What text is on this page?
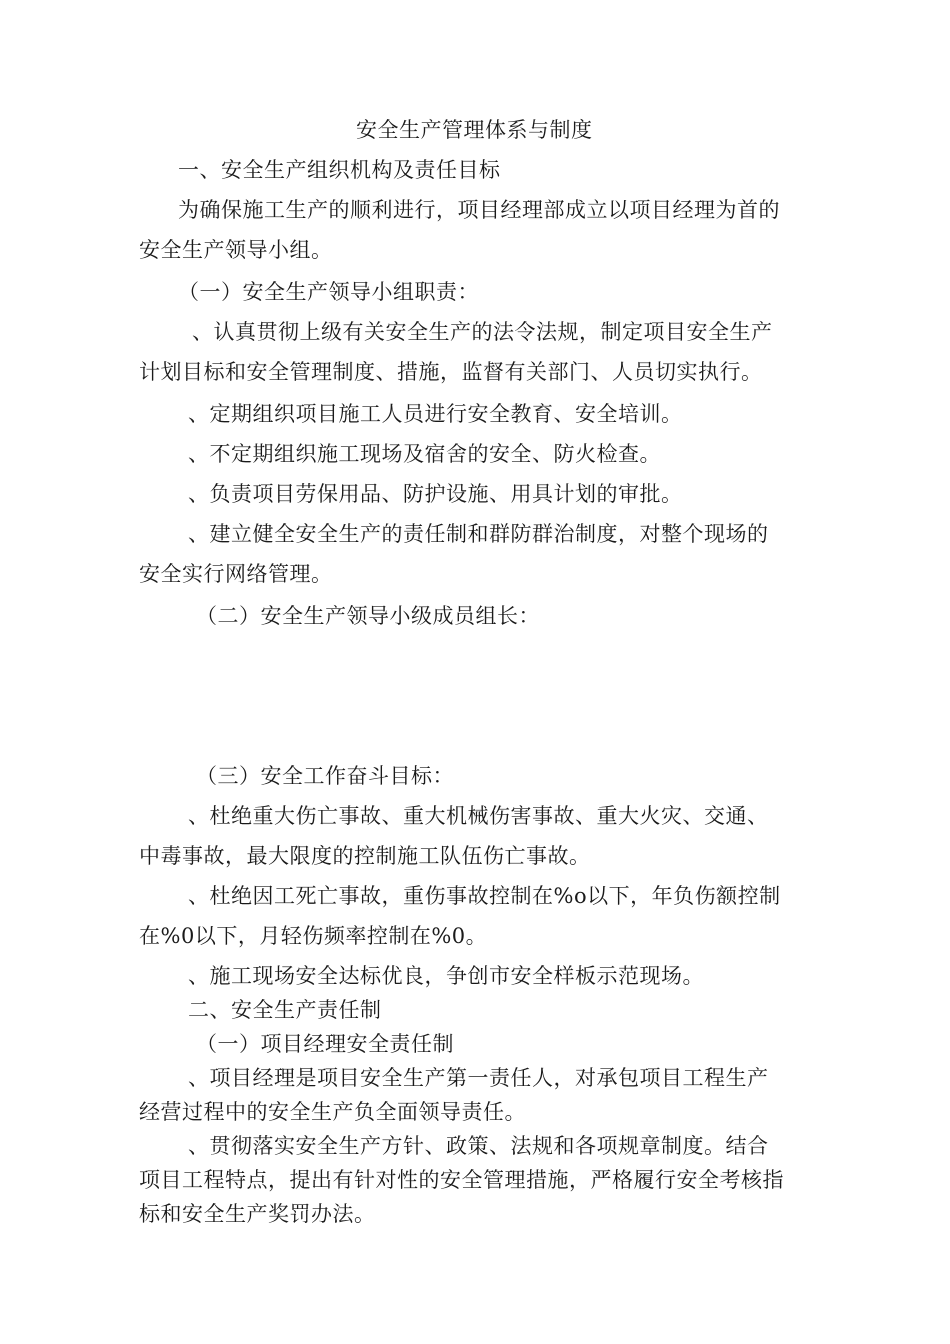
安全生产管理体系与制度
一、安全生产组织机构及责任目标
为确保施工生产的顺利进行，项目经理部成立以项目经理为首的
安全生产领导小组。
（一）安全生产领导小组职责：
、认真贯彻上级有关安全生产的法令法规，制定项目安全生产
计划目标和安全管理制度、措施，监督有关部门、人员切实执行。
、定期组织项目施工人员进行安全教育、安全培训。
、不定期组织施工现场及宿舍的安全、防火检查。
、负责项目劳保用品、防护设施、用具计划的审批。
、建立健全安全生产的责任制和群防群治制度，对整个现场的
安全实行网络管理。
（二）安全生产领导小级成员组长：
（三）安全工作奋斗目标：
、杜绝重大伤亡事故、重大机械伤害事故、重大火灾、交通、
中毒事故，最大限度的控制施工队伍伤亡事故。
、杜绝因工死亡事故，重伤事故控制在%o以下，年负伤额控制
在%0以下，月轻伤频率控制在%0。
、施工现场安全达标优良，争创市安全样板示范现场。
二、安全生产责任制
（一）项目经理安全责任制
、项目经理是项目安全生产第一责任人，对承包项目工程生产
经营过程中的安全生产负全面领导责任。
、贯彻落实安全生产方针、政策、法规和各项规章制度。结合
项目工程特点，提出有针对性的安全管理措施，严格履行安全考核指
标和安全生产奖罚办法。
